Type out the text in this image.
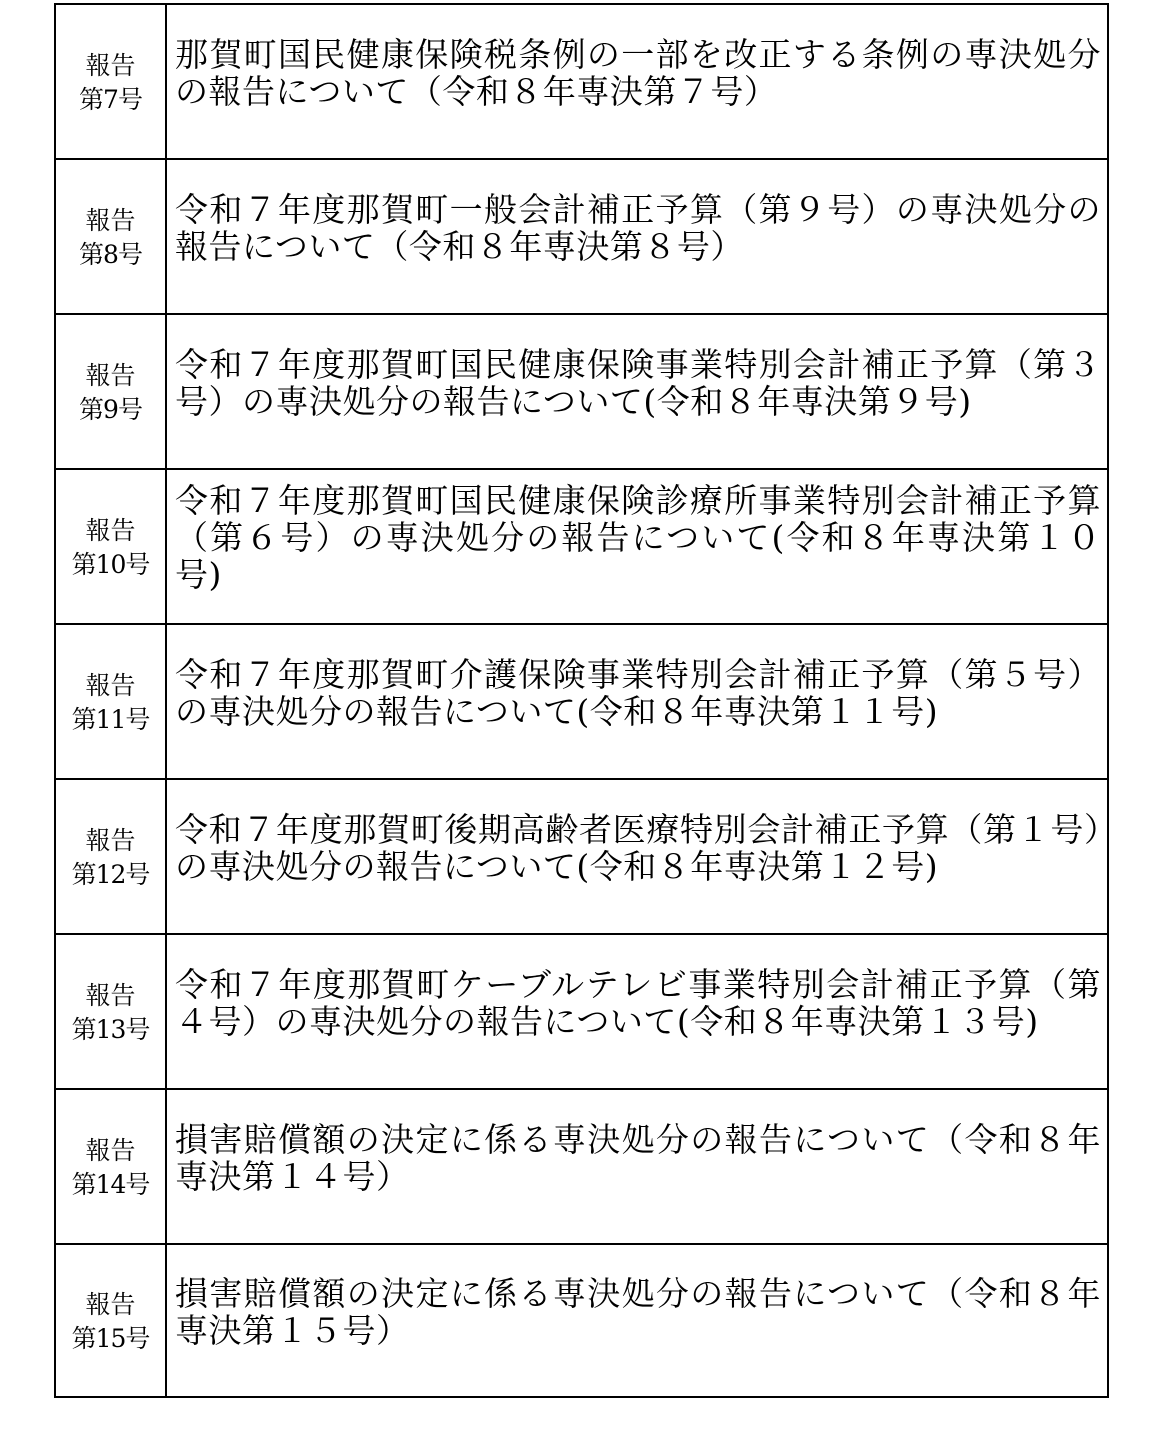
報告
第7号	那賀町国民健康保険税条例の一部を改正する条例の専決処分の報告について（令和８年専決第７号）

報告
第8号	令和７年度那賀町一般会計補正予算（第９号）の専決処分の報告について（令和８年専決第８号）

報告
第9号	令和７年度那賀町国民健康保険事業特別会計補正予算（第３号）の専決処分の報告について(令和８年専決第９号)

報告
第10号	令和７年度那賀町国民健康保険診療所事業特別会計補正予算（第６号）の専決処分の報告について(令和８年専決第１０号)

報告
第11号	令和７年度那賀町介護保険事業特別会計補正予算（第５号）の専決処分の報告について(令和８年専決第１１号)

報告
第12号	令和７年度那賀町後期高齢者医療特別会計補正予算（第１号）の専決処分の報告について(令和８年専決第１２号)

報告
第13号	令和７年度那賀町ケーブルテレビ事業特別会計補正予算（第４号）の専決処分の報告について(令和８年専決第１３号)

報告
第14号	損害賠償額の決定に係る専決処分の報告について（令和８年専決第１４号）

報告
第15号	損害賠償額の決定に係る専決処分の報告について（令和８年専決第１５号）
